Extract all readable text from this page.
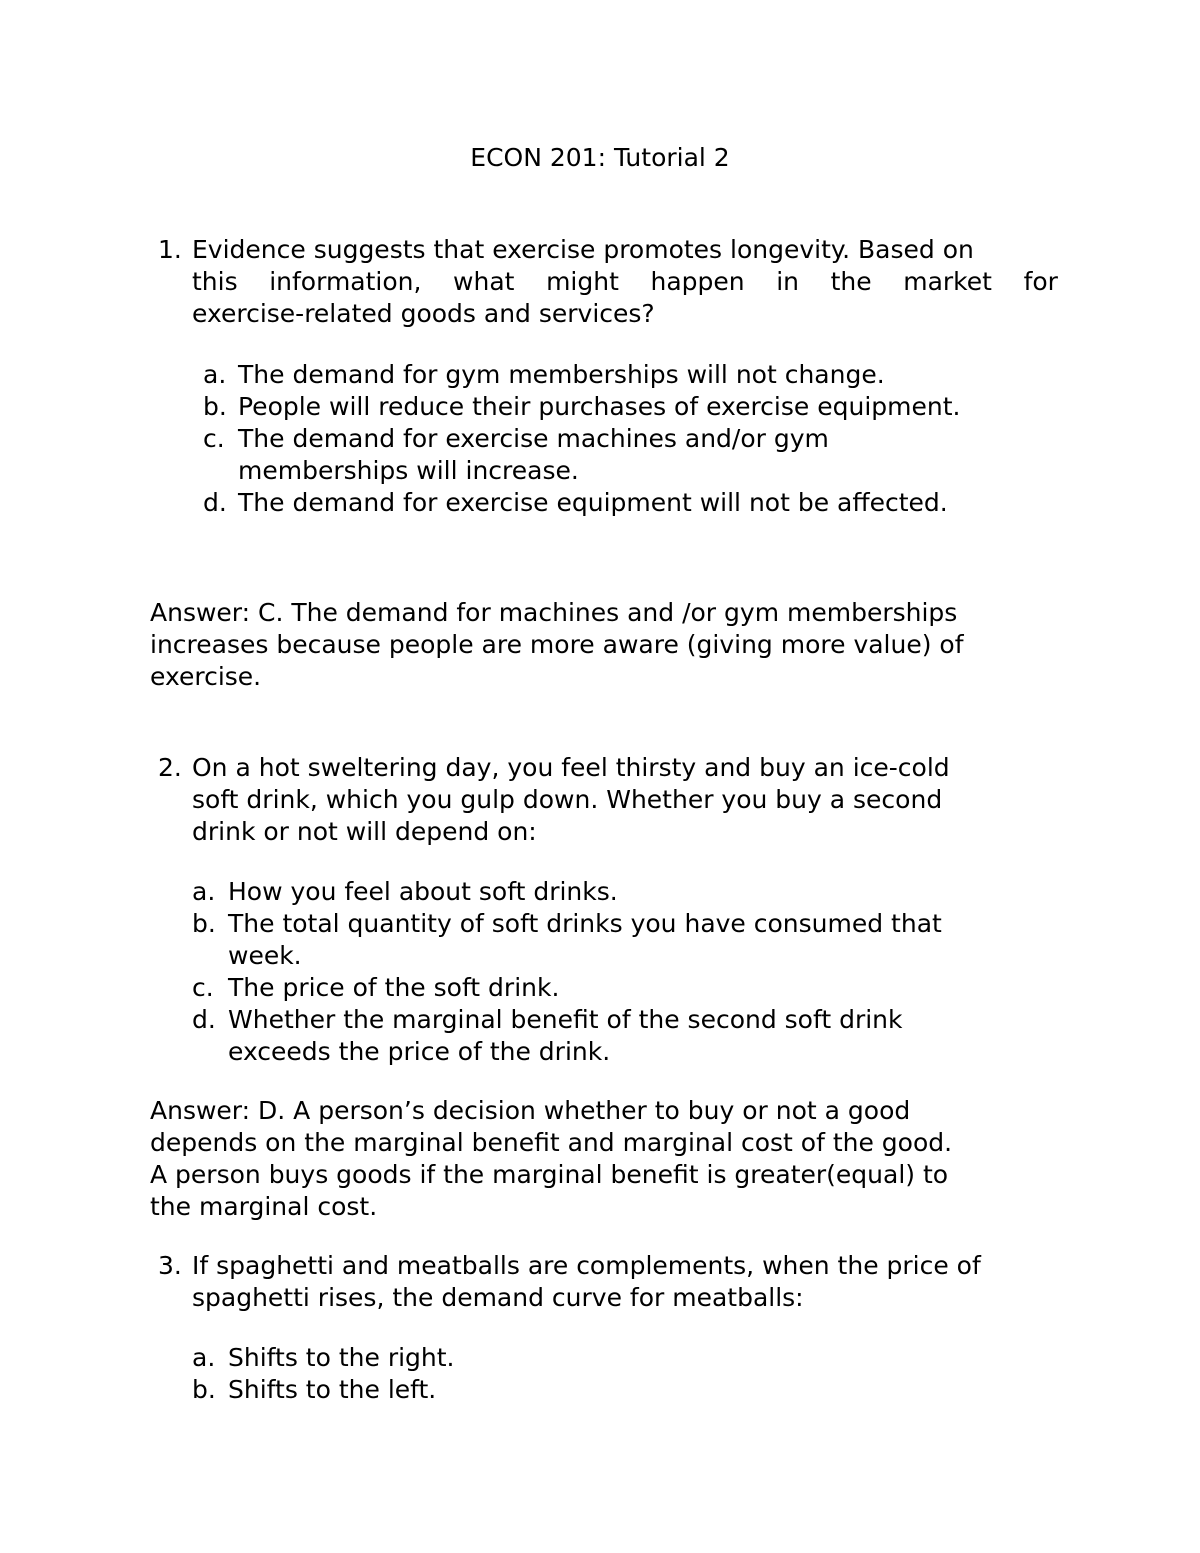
ECON 201: Tutorial 2
1. Evidence suggests that exercise promotes longevity. Based on
this information, what might happen in the market for
exercise-related goods and services?
a. The demand for gym memberships will not change.
b. People will reduce their purchases of exercise equipment.
c. The demand for exercise machines and/or gym
memberships will increase.
d. The demand for exercise equipment will not be affected.
Answer: C. The demand for machines and /or gym memberships
increases because people are more aware (giving more value) of
exercise.
2. On a hot sweltering day, you feel thirsty and buy an ice-cold
soft drink, which you gulp down. Whether you buy a second
drink or not will depend on:
a. How you feel about soft drinks.
b. The total quantity of soft drinks you have consumed that
week.
c. The price of the soft drink.
d. Whether the marginal benefit of the second soft drink
exceeds the price of the drink.
Answer: D. A person’s decision whether to buy or not a good
depends on the marginal benefit and marginal cost of the good.
A person buys goods if the marginal benefit is greater(equal) to
the marginal cost.
3. If spaghetti and meatballs are complements, when the price of
spaghetti rises, the demand curve for meatballs:
a. Shifts to the right.
b. Shifts to the left.
